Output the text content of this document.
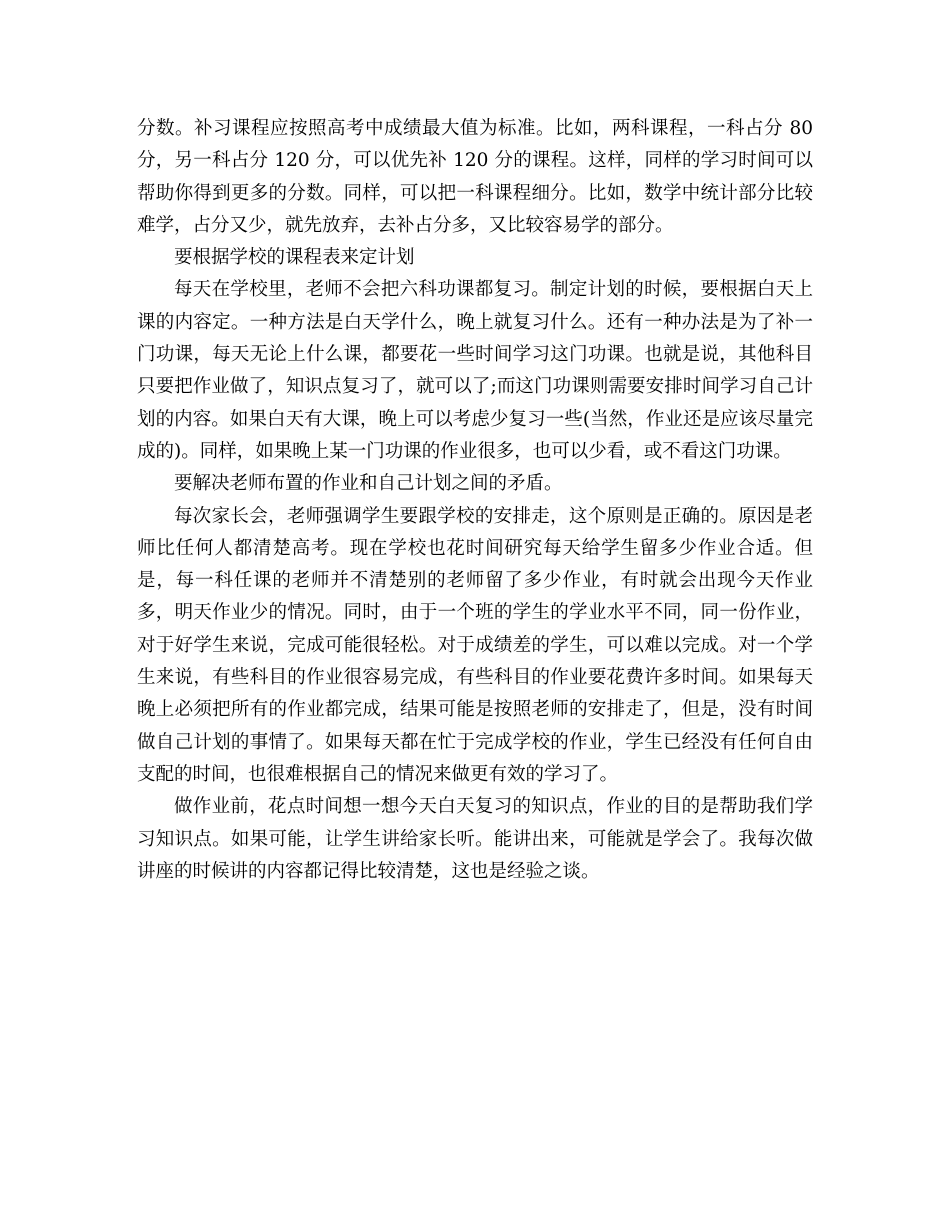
分数。补习课程应按照高考中成绩最大值为标准。比如，两科课程，一科占分 80 分，另一科占分 120 分，可以优先补 120 分的课程。这样，同样的学习时间可以帮助你得到更多的分数。同样，可以把一科课程细分。比如，数学中统计部分比较难学，占分又少，就先放弃，去补占分多，又比较容易学的部分。

要根据学校的课程表来定计划

每天在学校里，老师不会把六科功课都复习。制定计划的时候，要根据白天上课的内容定。一种方法是白天学什么，晚上就复习什么。还有一种办法是为了补一门功课，每天无论上什么课，都要花一些时间学习这门功课。也就是说，其他科目只要把作业做了，知识点复习了，就可以了;而这门功课则需要安排时间学习自己计划的内容。如果白天有大课，晚上可以考虑少复习一些(当然，作业还是应该尽量完成的)。同样，如果晚上某一门功课的作业很多，也可以少看，或不看这门功课。

要解决老师布置的作业和自己计划之间的矛盾。

每次家长会，老师强调学生要跟学校的安排走，这个原则是正确的。原因是老师比任何人都清楚高考。现在学校也花时间研究每天给学生留多少作业合适。但是，每一科任课的老师并不清楚别的老师留了多少作业，有时就会出现今天作业多，明天作业少的情况。同时，由于一个班的学生的学业水平不同，同一份作业，对于好学生来说，完成可能很轻松。对于成绩差的学生，可以难以完成。对一个学生来说，有些科目的作业很容易完成，有些科目的作业要花费许多时间。如果每天晚上必须把所有的作业都完成，结果可能是按照老师的安排走了，但是，没有时间做自己计划的事情了。如果每天都在忙于完成学校的作业，学生已经没有任何自由支配的时间，也很难根据自己的情况来做更有效的学习了。

做作业前，花点时间想一想今天白天复习的知识点，作业的目的是帮助我们学习知识点。如果可能，让学生讲给家长听。能讲出来，可能就是学会了。我每次做讲座的时候讲的内容都记得比较清楚，这也是经验之谈。
